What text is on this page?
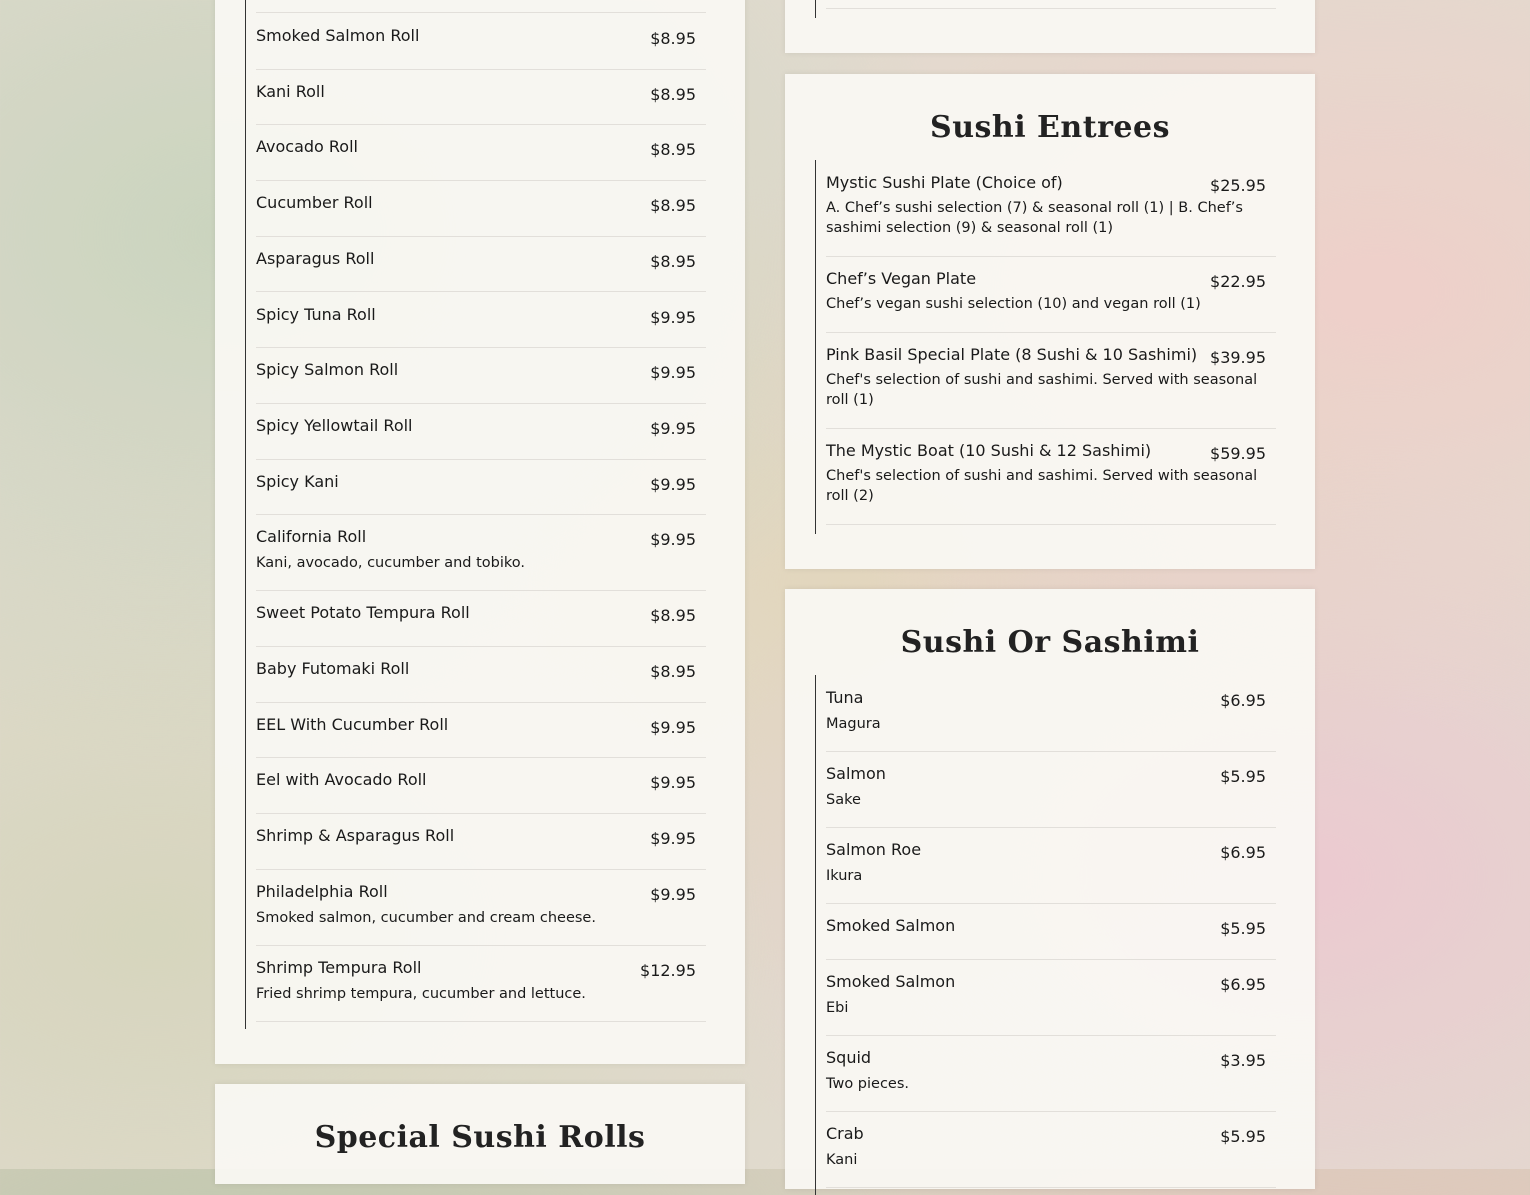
Smoked Salmon Roll	$8.95
Kani Roll	$8.95
Avocado Roll	$8.95
Cucumber Roll	$8.95
Asparagus Roll	$8.95
Spicy Tuna Roll	$9.95
Spicy Salmon Roll	$9.95
Spicy Yellowtail Roll	$9.95
Spicy Kani	$9.95
California Roll	$9.95
Kani, avocado, cucumber and tobiko.
Sweet Potato Tempura Roll	$8.95
Baby Futomaki Roll	$8.95
EEL With Cucumber Roll	$9.95
Eel with Avocado Roll	$9.95
Shrimp & Asparagus Roll	$9.95
Philadelphia Roll	$9.95
Smoked salmon, cucumber and cream cheese.
Shrimp Tempura Roll	$12.95
Fried shrimp tempura, cucumber and lettuce.
Special Sushi Rolls
Sushi Entrees
Mystic Sushi Plate (Choice of)	$25.95
A. Chef’s sushi selection (7) & seasonal roll (1) | B. Chef’s
sashimi selection (9) & seasonal roll (1)
Chef’s Vegan Plate	$22.95
Chef’s vegan sushi selection (10) and vegan roll (1)
Pink Basil Special Plate (8 Sushi & 10 Sashimi) $39.95
Chef's selection of sushi and sashimi. Served with seasonal
roll (1)
The Mystic Boat (10 Sushi & 12 Sashimi)	$59.95
Chef's selection of sushi and sashimi. Served with seasonal
roll (2)
Sushi Or Sashimi
Tuna	$6.95
Magura
Salmon	$5.95
Sake
Salmon Roe	$6.95
Ikura
Smoked Salmon	$5.95
Smoked Salmon	$6.95
Ebi
Squid	$3.95
Two pieces.
Crab	$5.95
Kani
